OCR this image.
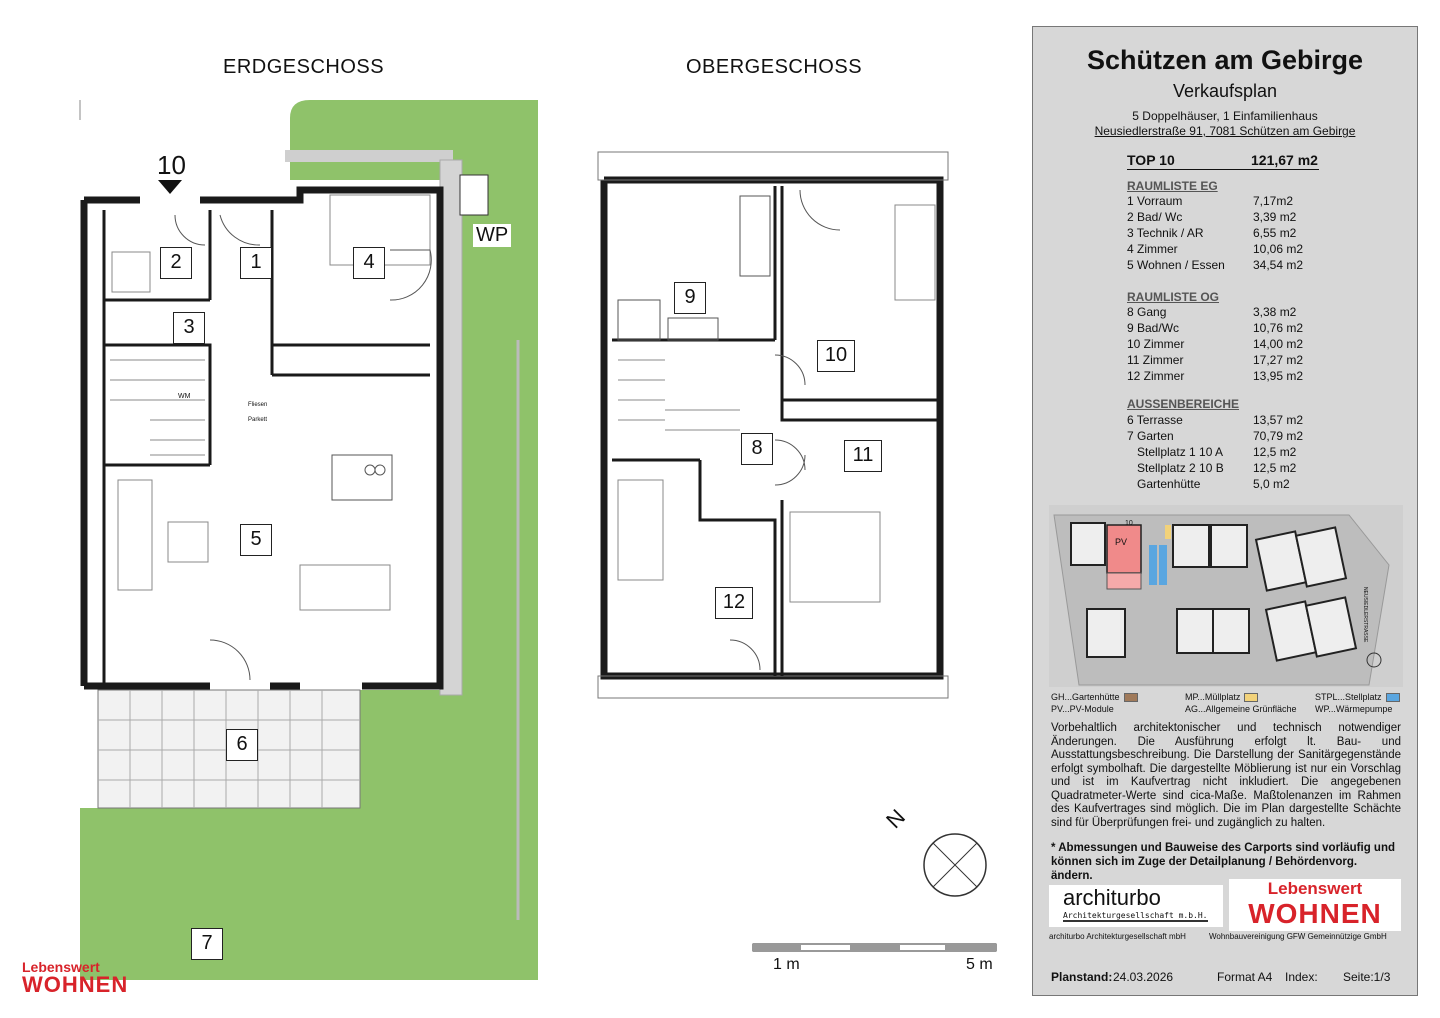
ERDGESCHOSS	OBERGESCHOSS
10
WP
N
1 m	5 m
WM
Fliesen
Parkett
1
2
3
4
5
6
7
8
9
10
11
12
Lebenswert
WOHNEN
Schützen am Gebirge
Verkaufsplan
5 Doppelhäuser, 1 Einfamilienhaus
Neusiedlerstraße 91, 7081 Schützen am Gebirge
TOP 10	121,67 m2
RAUMLISTE EG
RAUMLISTE OG
AUSSENBEREICHE
1 Vorraum	7,17m2
2 Bad/ Wc	3,39 m2
3 Technik / AR	6,55 m2
4 Zimmer	10,06 m2
5 Wohnen / Essen 34,54 m2
8 Gang	3,38 m2
9 Bad/Wc	10,76 m2
10 Zimmer	14,00 m2
11 Zimmer	17,27 m2
12 Zimmer	13,95 m2
6 Terrasse	13,57 m2
7 Garten	70,79 m2
Stellplatz 1 10 A 12,5 m2
Stellplatz 2 10 B 12,5 m2
Gartenhütte	5,0 m2
PV
10
NEUSIEDLERSTRASSE
GH...Gartenhütte
PV...PV-Module
MP...Müllplatz
AG...Allgemeine Grünfläche
STPL...Stellplatz
WP...Wärmepumpe
Vorbehaltlich architektonischer und technisch notwendiger Änderungen. Die Ausführung erfolgt lt. Bau- und Ausstattungsbeschreibung. Die Darstellung der Sanitärgegenstände erfolgt symbolhaft. Die dargestellte Möblierung ist nur ein Vorschlag und ist im Kaufvertrag nicht inkludiert. Die angegebenen Quadratmeter-Werte sind cica-Maße. Maßtolenanzen im Rahmen des Kaufvertrages sind möglich. Die im Plan dargestellte Schächte sind für Überprüfungen frei- und zugänglich zu halten.
* Abmessungen und Bauweise des Carports sind vorläufig und können sich im Zuge der Detailplanung / Behördenvorg. ändern.
architurbo
Architekturgesellschaft m.b.H.
architurbo Architekturgesellschaft mbH
Lebenswert
WOHNEN
Wohnbauvereinigung GFW Gemeinnützige GmbH
Planstand: 24.03.2026	Format A4 Index: Seite:1/3
